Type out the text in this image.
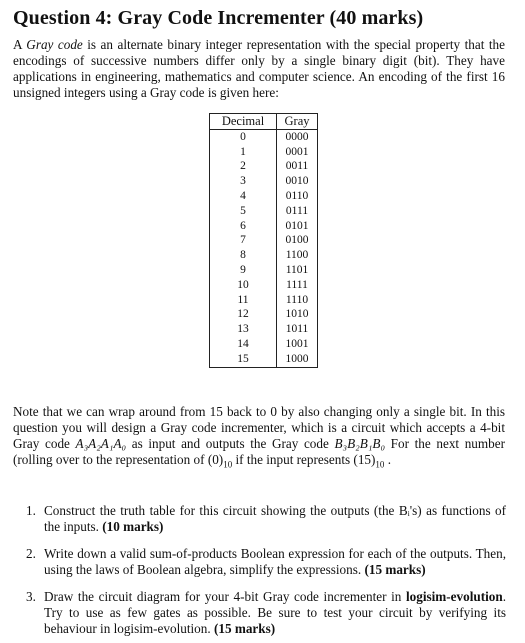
Question 4: Gray Code Incrementer (40 marks)
A Gray code is an alternate binary integer representation with the special property that the encodings of successive numbers differ only by a single binary digit (bit). They have applications in engineering, mathematics and computer science. An encoding of the first 16 unsigned integers using a Gray code is given here:
Decimal	Gray
0	0000
1	0001
2	0011
3	0010
4	0110
5	0111
6	0101
7	0100
8	1100
9	1101
10	1111
11	1110
12	1010
13	1011
14	1001
15	1000
Note that we can wrap around from 15 back to 0 by also changing only a single bit. In this question you will design a Gray code incrementer, which is a circuit which accepts a 4-bit Gray code A₃A₂A₁A₀ as input and outputs the Gray code B₃B₂B₁B₀ For the next number (rolling over to the representation of $(0)_{10}$ if the input represents $(15)_{10}$ .
1. Construct the truth table for this circuit showing the outputs (the Bᵢ's) as functions of the inputs. (10 marks)
2. Write down a valid sum-of-products Boolean expression for each of the outputs. Then, using the laws of Boolean algebra, simplify the expressions. (15 marks)
3. Draw the circuit diagram for your 4-bit Gray code incrementer in logisim-evolution. Try to use as few gates as possible. Be sure to test your circuit by verifying its behaviour in logisim-evolution. (15 marks)
